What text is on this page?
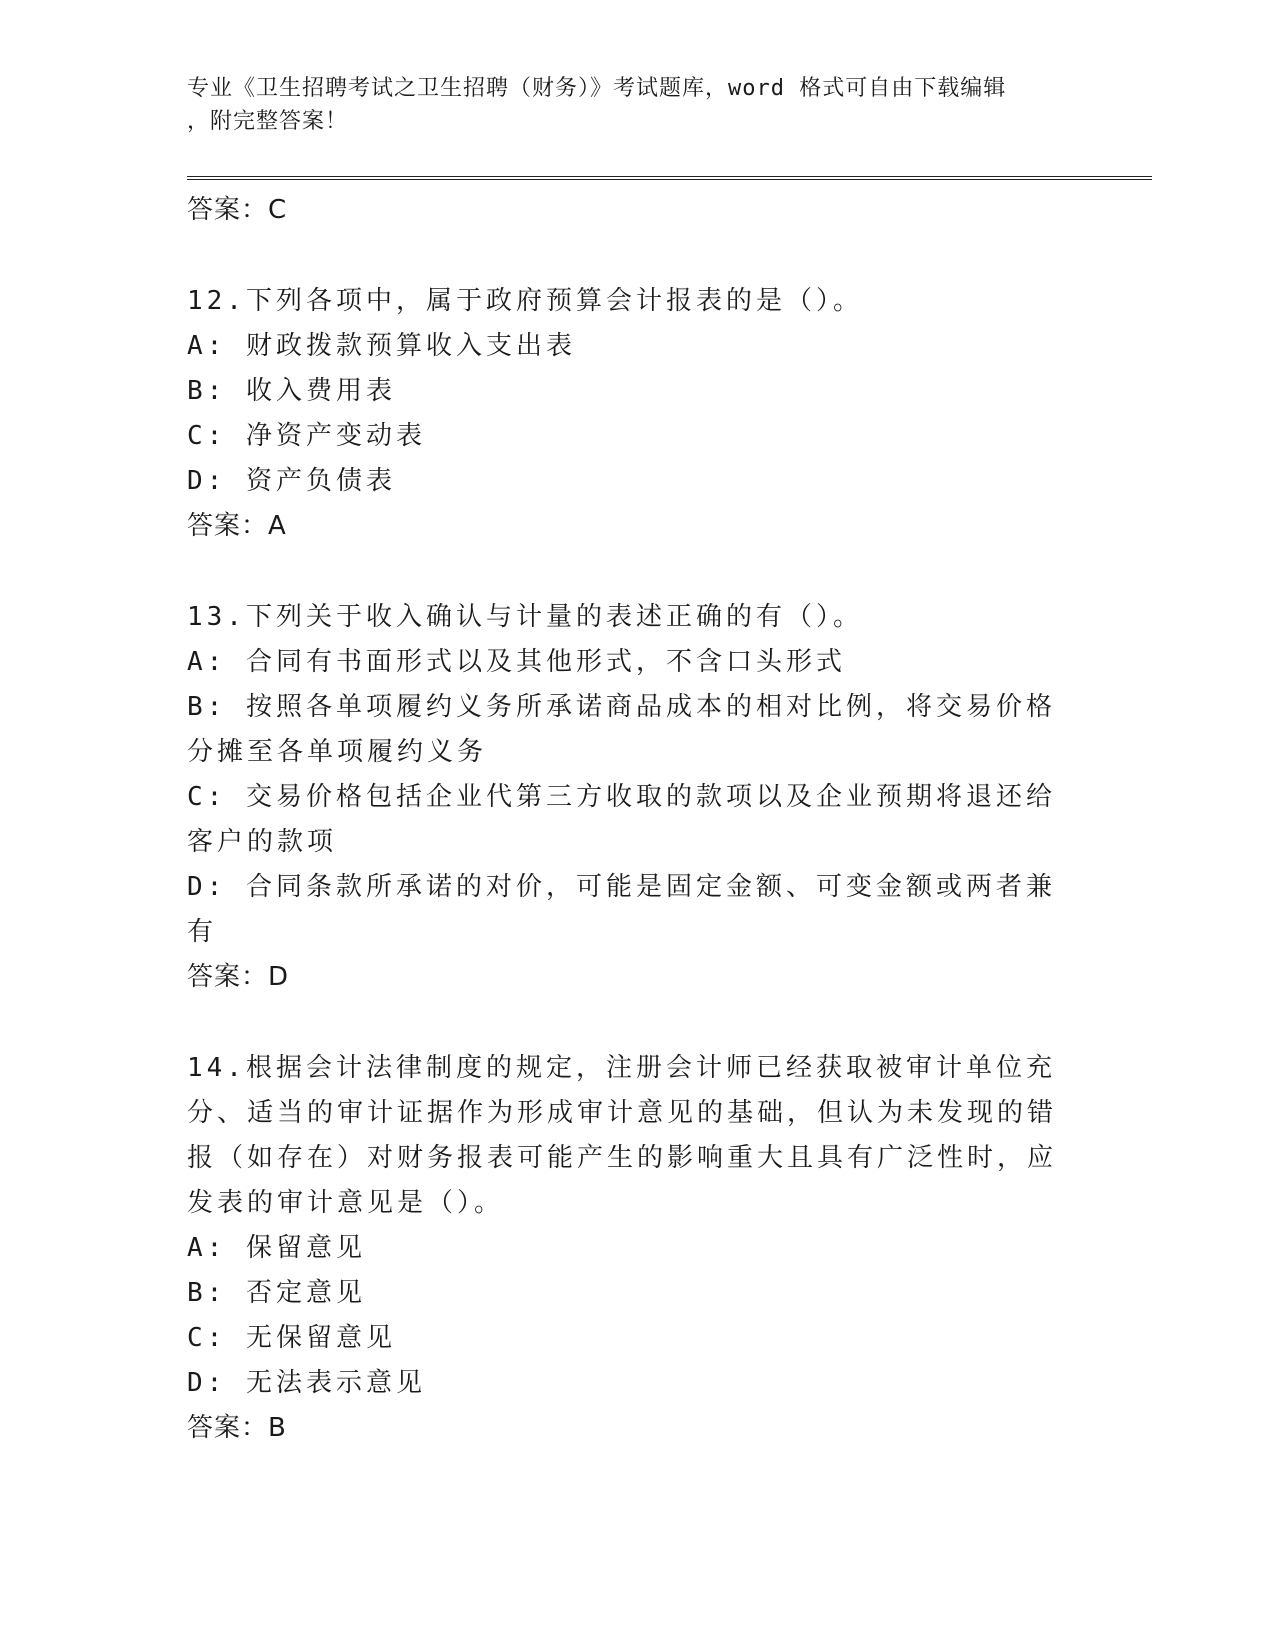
专业《卫生招聘考试之卫生招聘（财务）》考试题库，word 格式可自由下载编辑
，附完整答案！

答案：C

12.下列各项中，属于政府预算会计报表的是（）。

A: 财政拨款预算收入支出表

B: 收入费用表

C: 净资产变动表

D: 资产负债表

答案：A

13.下列关于收入确认与计量的表述正确的有（）。

A: 合同有书面形式以及其他形式，不含口头形式

B: 按照各单项履约义务所承诺商品成本的相对比例，将交易价格分摊至各单项履约义务

C: 交易价格包括企业代第三方收取的款项以及企业预期将退还给客户的款项

D: 合同条款所承诺的对价，可能是固定金额、可变金额或两者兼有

答案：D

14.根据会计法律制度的规定，注册会计师已经获取被审计单位充分、适当的审计证据作为形成审计意见的基础，但认为未发现的错报（如存在）对财务报表可能产生的影响重大且具有广泛性时，应发表的审计意见是（）。

A: 保留意见

B: 否定意见

C: 无保留意见

D: 无法表示意见

答案：B
